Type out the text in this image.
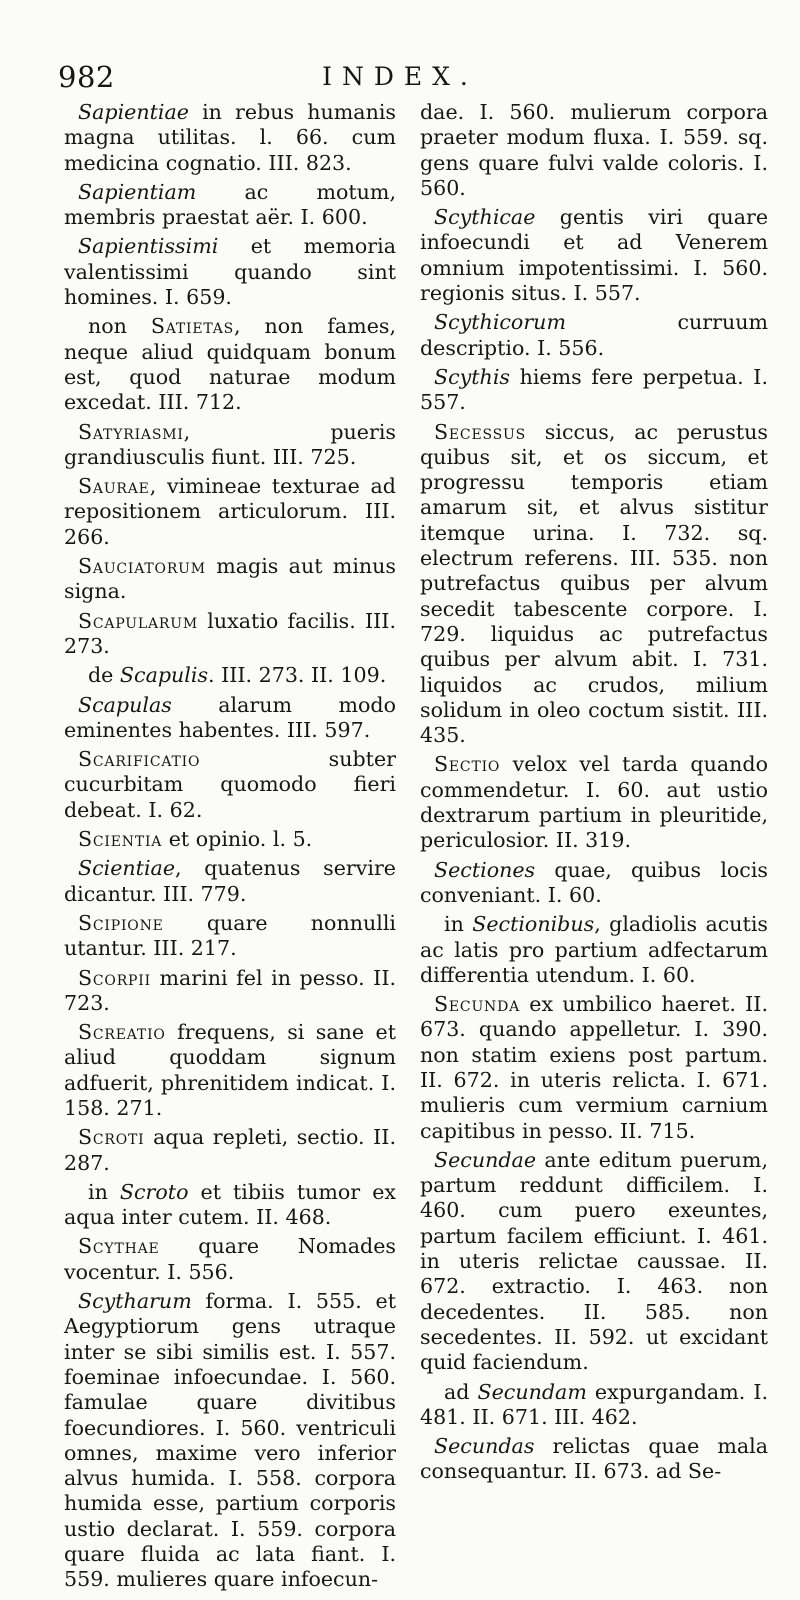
982	INDEX.

Sapientiae in rebus humanis magna utilitas. l. 66. cum medicina cognatio. III. 823.

Sapientiam ac motum, membris praestat aër. I. 600.

Sapientissimi et memoria valentissimi quando sint homines. I. 659.

non Satietas, non fames, neque aliud quidquam bonum est, quod naturae modum excedat. III. 712.

Satyriasmi, pueris grandiusculis fiunt. III. 725.

Saurae, vimineae texturae ad repositionem articulorum. III. 266.

Sauciatorum magis aut minus signa.

Scapularum luxatio facilis. III. 273.

de Scapulis. III. 273. II. 109.

Scapulas alarum modo eminentes habentes. III. 597.

Scarificatio subter cucurbitam quomodo fieri debeat. I. 62.

Scientia et opinio. l. 5.

Scientiae, quatenus servire dicantur. III. 779.

Scipione quare nonnulli utantur. III. 217.

Scorpii marini fel in pesso. II. 723.

Screatio frequens, si sane et aliud quoddam signum adfuerit, phrenitidem indicat. I. 158. 271.

Scroti aqua repleti, sectio. II. 287.

in Scroto et tibiis tumor ex aqua inter cutem. II. 468.

Scythae quare Nomades vocentur. I. 556.

Scytharum forma. I. 555. et Aegyptiorum gens utraque inter se sibi similis est. I. 557. foeminae infoecundae. I. 560. famulae quare divitibus foecundiores. I. 560. ventriculi omnes, maxime vero inferior alvus humida. I. 558. corpora humida esse, partium corporis ustio declarat. I. 559. corpora quare fluida ac lata fiant. I. 559. mulieres quare infoecun-

dae. I. 560. mulierum corpora praeter modum fluxa. I. 559. sq. gens quare fulvi valde coloris. I. 560.

Scythicae gentis viri quare infoecundi et ad Venerem omnium impotentissimi. I. 560. regionis situs. I. 557.

Scythicorum curruum descriptio. I. 556.

Scythis hiems fere perpetua. I. 557.

Secessus siccus, ac perustus quibus sit, et os siccum, et progressu temporis etiam amarum sit, et alvus sistitur itemque urina. I. 732. sq. electrum referens. III. 535. non putrefactus quibus per alvum secedit tabescente corpore. I. 729. liquidus ac putrefactus quibus per alvum abit. I. 731. liquidos ac crudos, milium solidum in oleo coctum sistit. III. 435.

Sectio velox vel tarda quando commendetur. I. 60. aut ustio dextrarum partium in pleuritide, periculosior. II. 319.

Sectiones quae, quibus locis conveniant. I. 60.

in Sectionibus, gladiolis acutis ac latis pro partium adfectarum differentia utendum. I. 60.

Secunda ex umbilico haeret. II. 673. quando appelletur. I. 390. non statim exiens post partum. II. 672. in uteris relicta. I. 671. mulieris cum vermium carnium capitibus in pesso. II. 715.

Secundae ante editum puerum, partum reddunt difficilem. I. 460. cum puero exeuntes, partum facilem efficiunt. I. 461. in uteris relictae caussae. II. 672. extractio. I. 463. non decedentes. II. 585. non secedentes. II. 592. ut excidant quid faciendum.

ad Secundam expurgandam. I. 481. II. 671. III. 462.

Secundas relictas quae mala consequantur. II. 673. ad Se-
